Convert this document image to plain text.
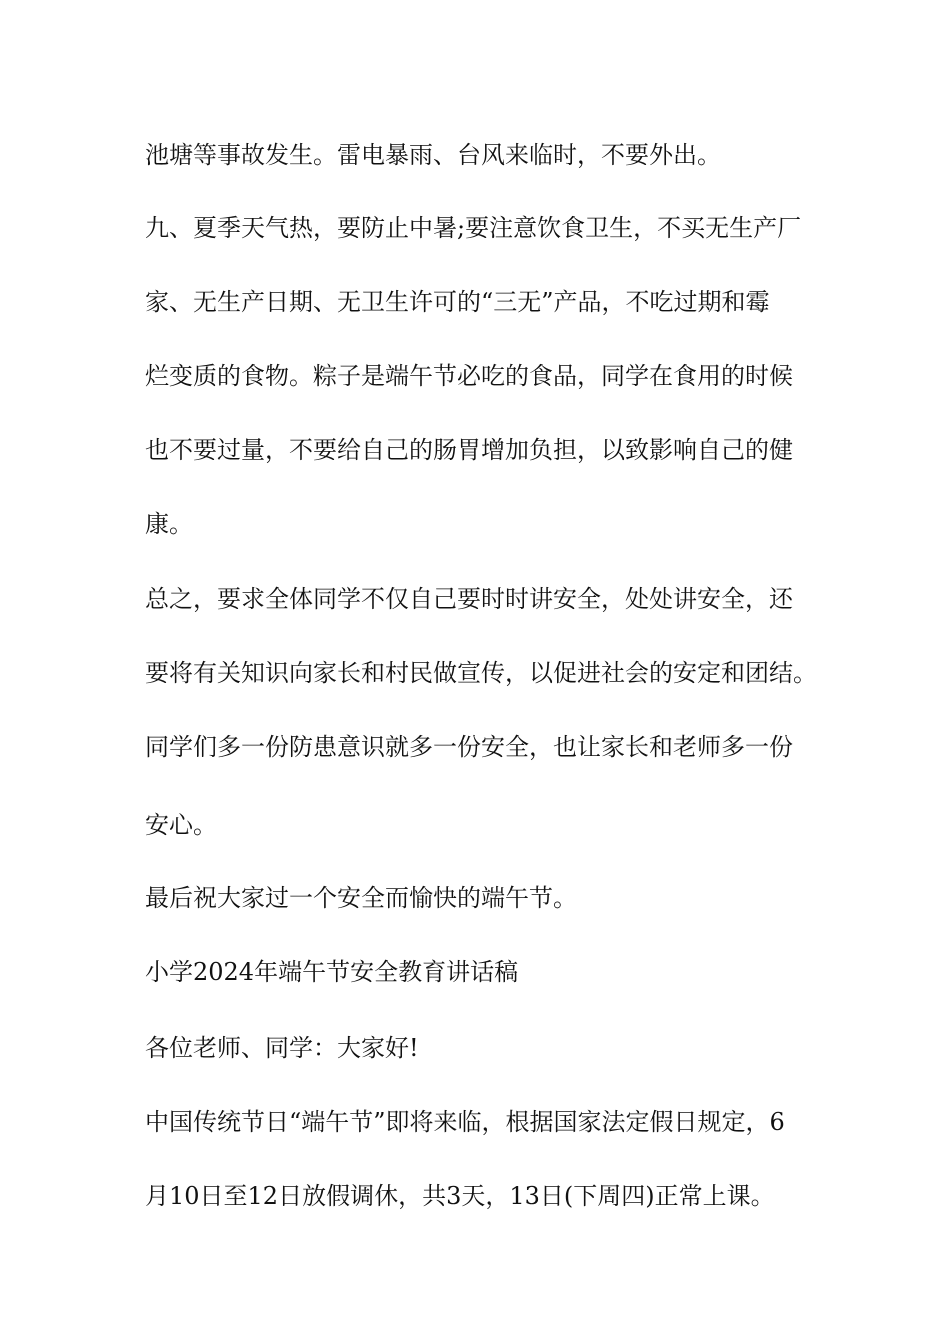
池塘等事故发生。雷电暴雨、台风来临时，不要外出。
九、夏季天气热，要防止中暑;要注意饮食卫生，不买无生产厂
家、无生产日期、无卫生许可的“三无”产品，不吃过期和霉
烂变质的食物。粽子是端午节必吃的食品，同学在食用的时候
也不要过量，不要给自己的肠胃增加负担，以致影响自己的健
康。
总之，要求全体同学不仅自己要时时讲安全，处处讲安全，还
要将有关知识向家长和村民做宣传，以促进社会的安定和团结。
同学们多一份防患意识就多一份安全，也让家长和老师多一份
安心。
最后祝大家过一个安全而愉快的端午节。
小学2024年端午节安全教育讲话稿
各位老师、同学：大家好!
中国传统节日“端午节”即将来临，根据国家法定假日规定，6
月10日至12日放假调休，共3天，13日(下周四)正常上课。
